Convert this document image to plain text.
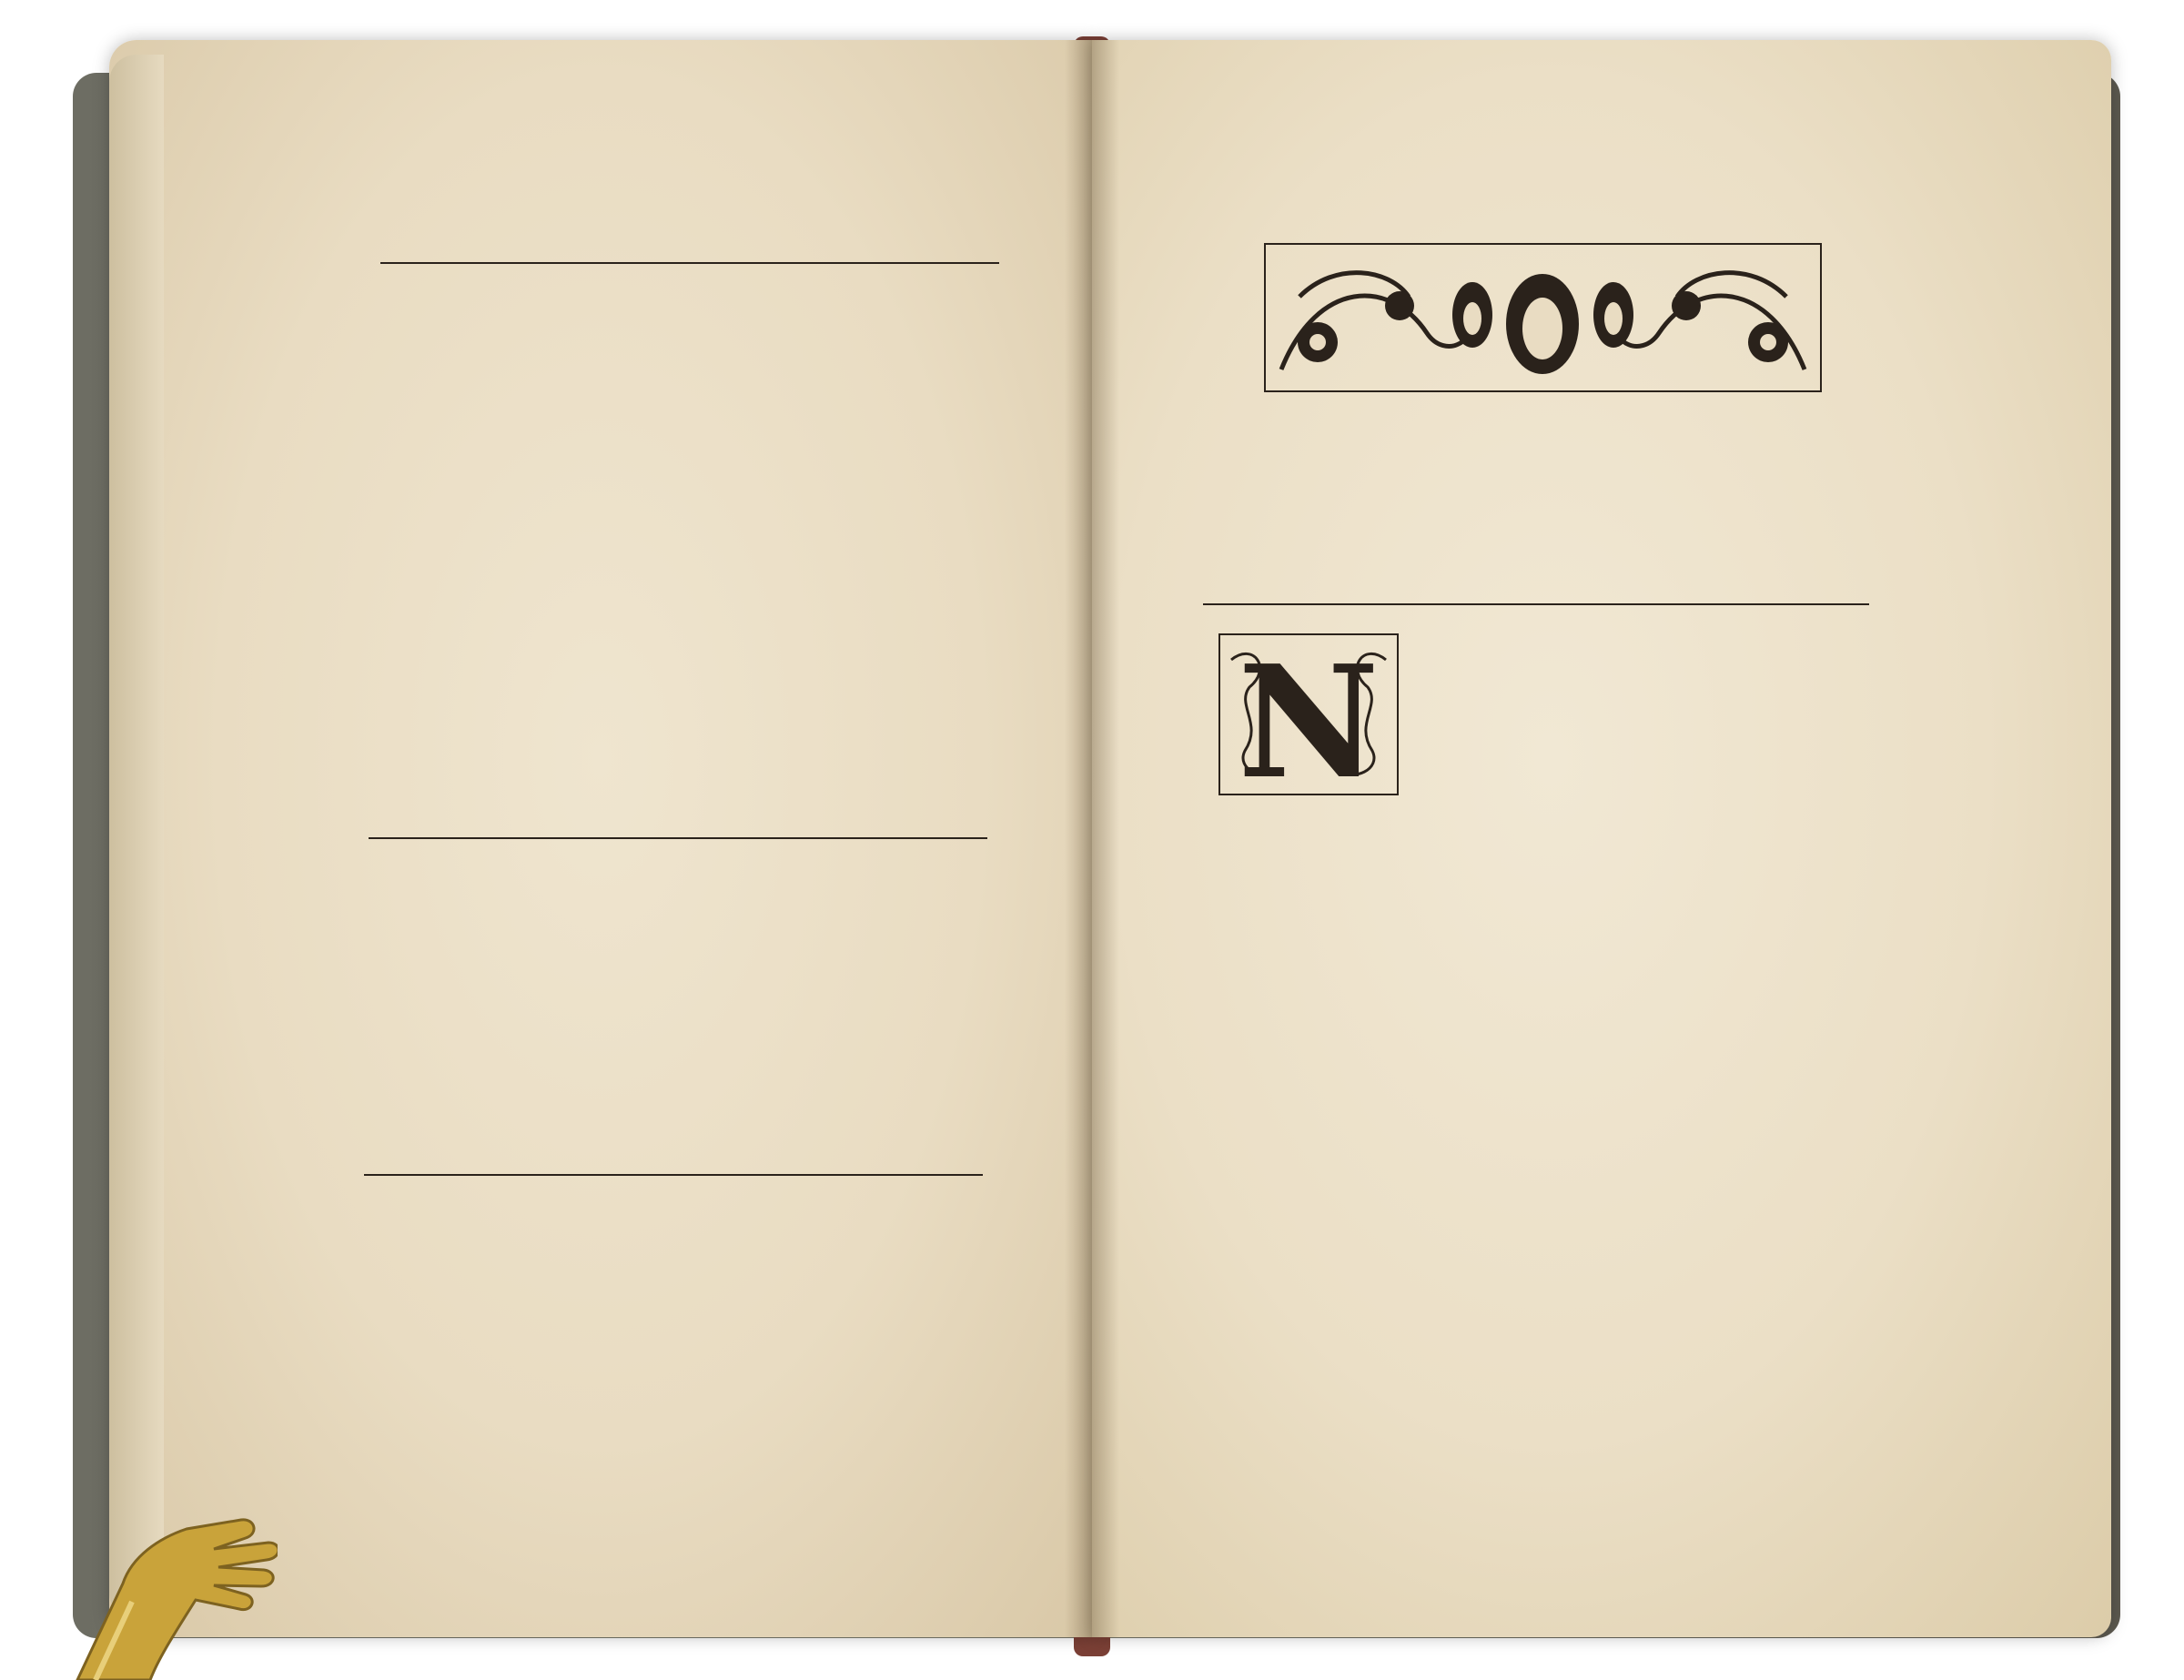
N
